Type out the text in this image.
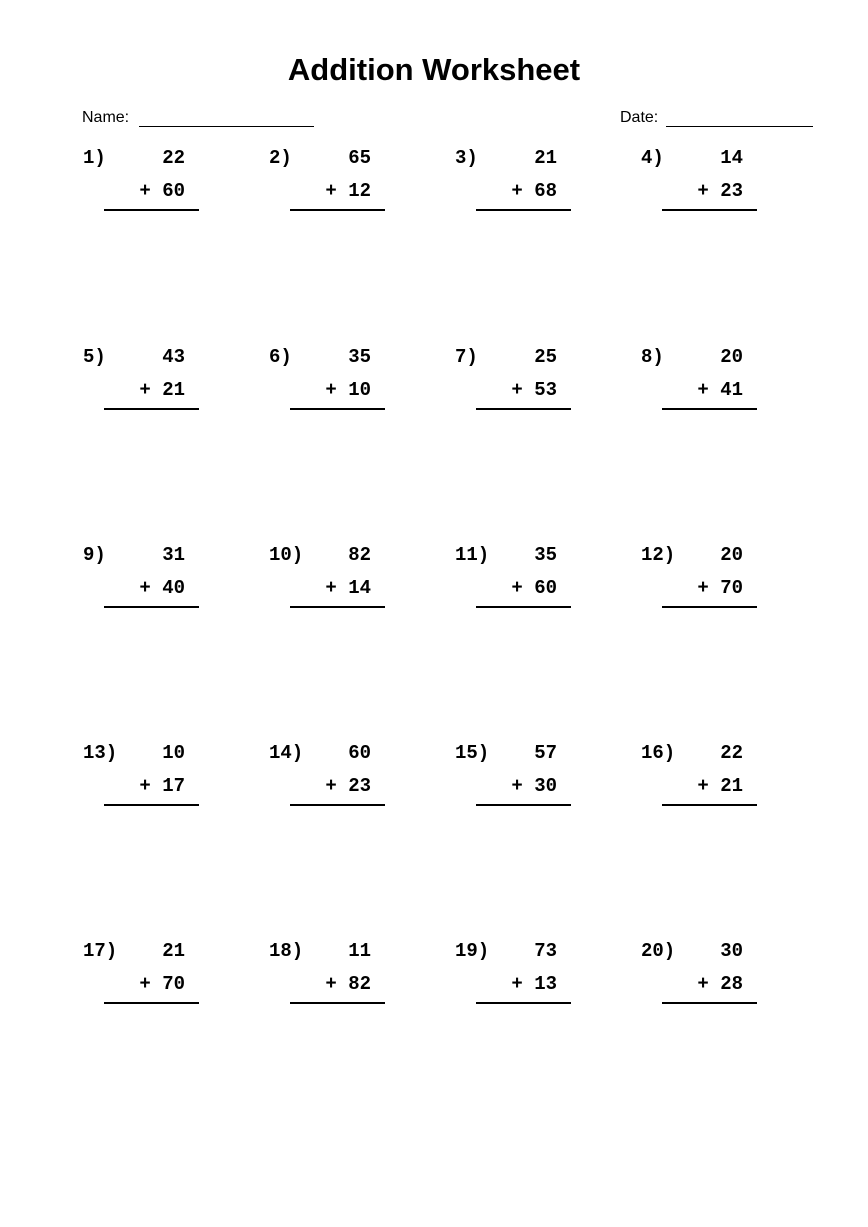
Addition Worksheet
Name:	Date:
1)	22
+ 60
2)	65
+ 12
3)	21
+ 68
4)	14
+ 23
5)	43
+ 21
6)	35
+ 10
7)	25
+ 53
8)	20
+ 41
9)	31
+ 40
10) 82
+ 14
11) 35
+ 60
12) 20
+ 70
13) 10
+ 17
14) 60
+ 23
15) 57
+ 30
16) 22
+ 21
17) 21
+ 70
18) 11
+ 82
19) 73
+ 13
20) 30
+ 28
